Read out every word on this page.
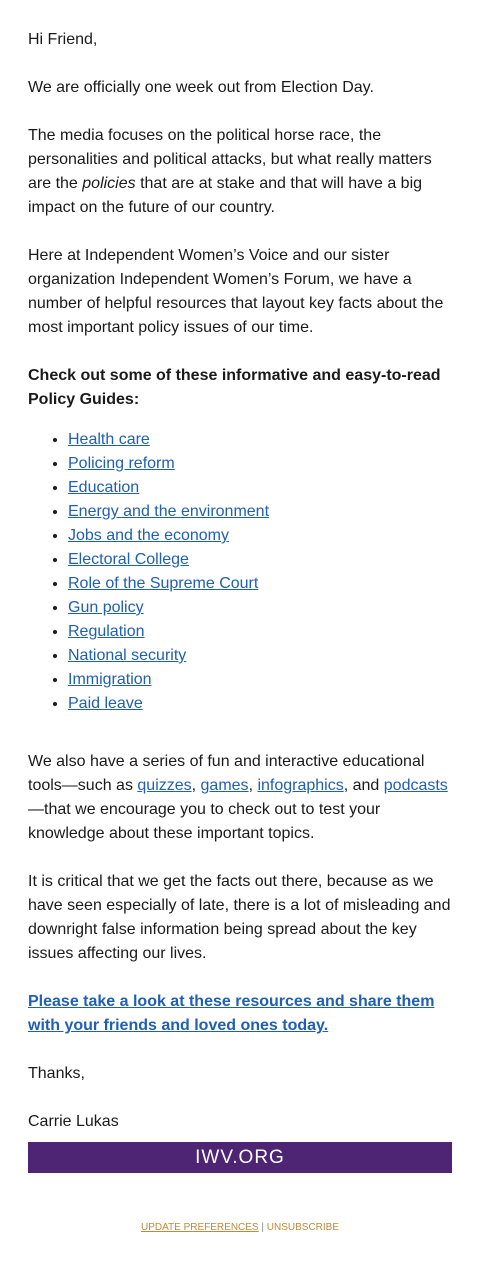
Hi Friend,

We are officially one week out from Election Day.

The media focuses on the political horse race, the personalities and political attacks, but what really matters are the policies that are at stake and that will have a big impact on the future of our country.

Here at Independent Women’s Voice and our sister organization Independent Women’s Forum, we have a number of helpful resources that layout key facts about the most important policy issues of our time.

Check out some of these informative and easy-to-read Policy Guides:

• Health care
• Policing reform
• Education
• Energy and the environment
• Jobs and the economy
• Electoral College
• Role of the Supreme Court
• Gun policy
• Regulation
• National security
• Immigration
• Paid leave

We also have a series of fun and interactive educational tools—such as quizzes, games, infographics, and podcasts—that we encourage you to check out to test your knowledge about these important topics.

It is critical that we get the facts out there, because as we have seen especially of late, there is a lot of misleading and downright false information being spread about the key issues affecting our lives.

Please take a look at these resources and share them with your friends and loved ones today.

Thanks,

Carrie Lukas

IWV.ORG
UPDATE PREFERENCES | UNSUBSCRIBE
